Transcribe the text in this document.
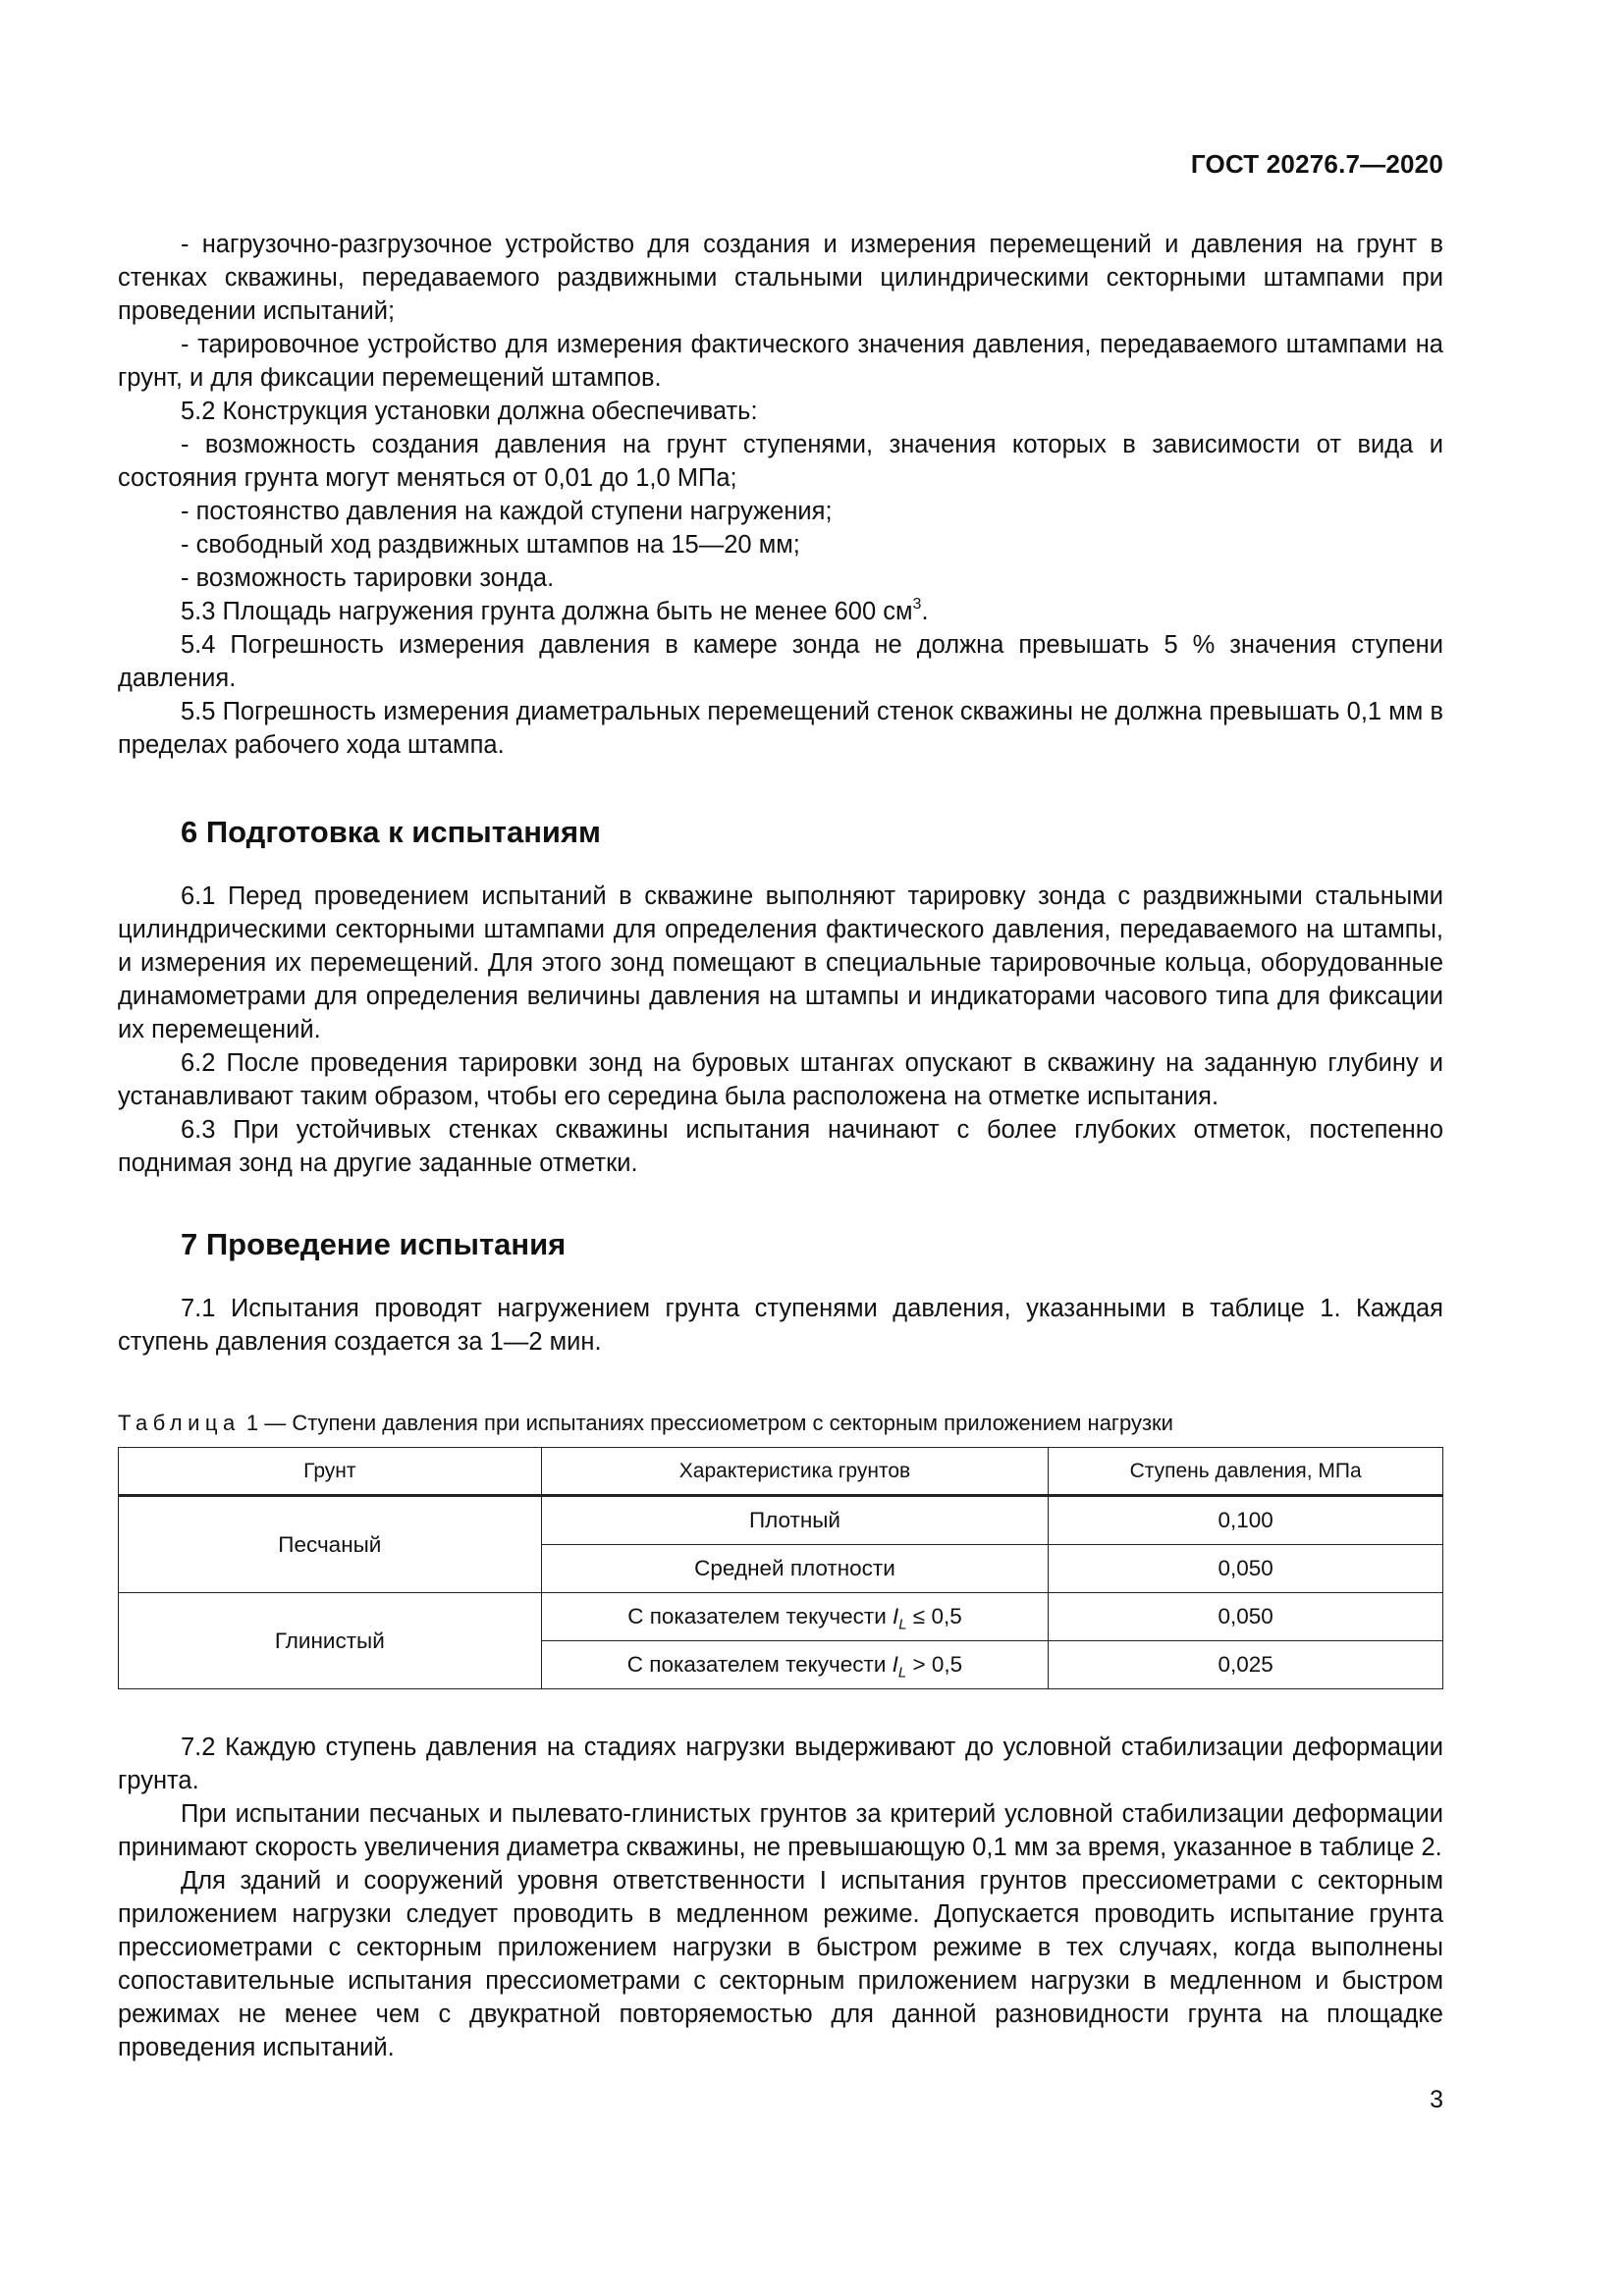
ГОСТ 20276.7—2020

- нагрузочно-разгрузочное устройство для создания и измерения перемещений и давления на грунт в стенках скважины, передаваемого раздвижными стальными цилиндрическими секторными штампами при проведении испытаний;

- тарировочное устройство для измерения фактического значения давления, передаваемого штампами на грунт, и для фиксации перемещений штампов.

5.2 Конструкция установки должна обеспечивать:

- возможность создания давления на грунт ступенями, значения которых в зависимости от вида и состояния грунта могут меняться от 0,01 до 1,0 МПа;

- постоянство давления на каждой ступени нагружения;

- свободный ход раздвижных штампов на 15—20 мм;

- возможность тарировки зонда.

5.3 Площадь нагружения грунта должна быть не менее 600 $см^3$.

5.4 Погрешность измерения давления в камере зонда не должна превышать 5 % значения ступени давления.

5.5 Погрешность измерения диаметральных перемещений стенок скважины не должна превышать 0,1 мм в пределах рабочего хода штампа.

6 Подготовка к испытаниям

6.1 Перед проведением испытаний в скважине выполняют тарировку зонда с раздвижными стальными цилиндрическими секторными штампами для определения фактического давления, передаваемого на штампы, и измерения их перемещений. Для этого зонд помещают в специальные тарировочные кольца, оборудованные динамометрами для определения величины давления на штампы и индикаторами часового типа для фиксации их перемещений.

6.2 После проведения тарировки зонд на буровых штангах опускают в скважину на заданную глубину и устанавливают таким образом, чтобы его середина была расположена на отметке испытания.

6.3 При устойчивых стенках скважины испытания начинают с более глубоких отметок, постепенно поднимая зонд на другие заданные отметки.

7 Проведение испытания

7.1 Испытания проводят нагружением грунта ступенями давления, указанными в таблице 1. Каждая ступень давления создается за 1—2 мин.

Таблица 1 — Ступени давления при испытаниях прессиометром с секторным приложением нагрузки
Грунт	Характеристика грунтов	Ступень давления, МПа
Песчаный	Плотный	0,100
	Средней плотности	0,050
Глинистый	С показателем текучести $I_L \le 0,5$	0,050
	С показателем текучести $I_L > 0,5$	0,025

7.2 Каждую ступень давления на стадиях нагрузки выдерживают до условной стабилизации деформации грунта.

При испытании песчаных и пылевато-глинистых грунтов за критерий условной стабилизации деформации принимают скорость увеличения диаметра скважины, не превышающую 0,1 мм за время, указанное в таблице 2.

Для зданий и сооружений уровня ответственности I испытания грунтов прессиометрами с секторным приложением нагрузки следует проводить в медленном режиме. Допускается проводить испытание грунта прессиометрами с секторным приложением нагрузки в быстром режиме в тех случаях, когда выполнены сопоставительные испытания прессиометрами с секторным приложением нагрузки в медленном и быстром режимах не менее чем с двукратной повторяемостью для данной разновидности грунта на площадке проведения испытаний.

3
